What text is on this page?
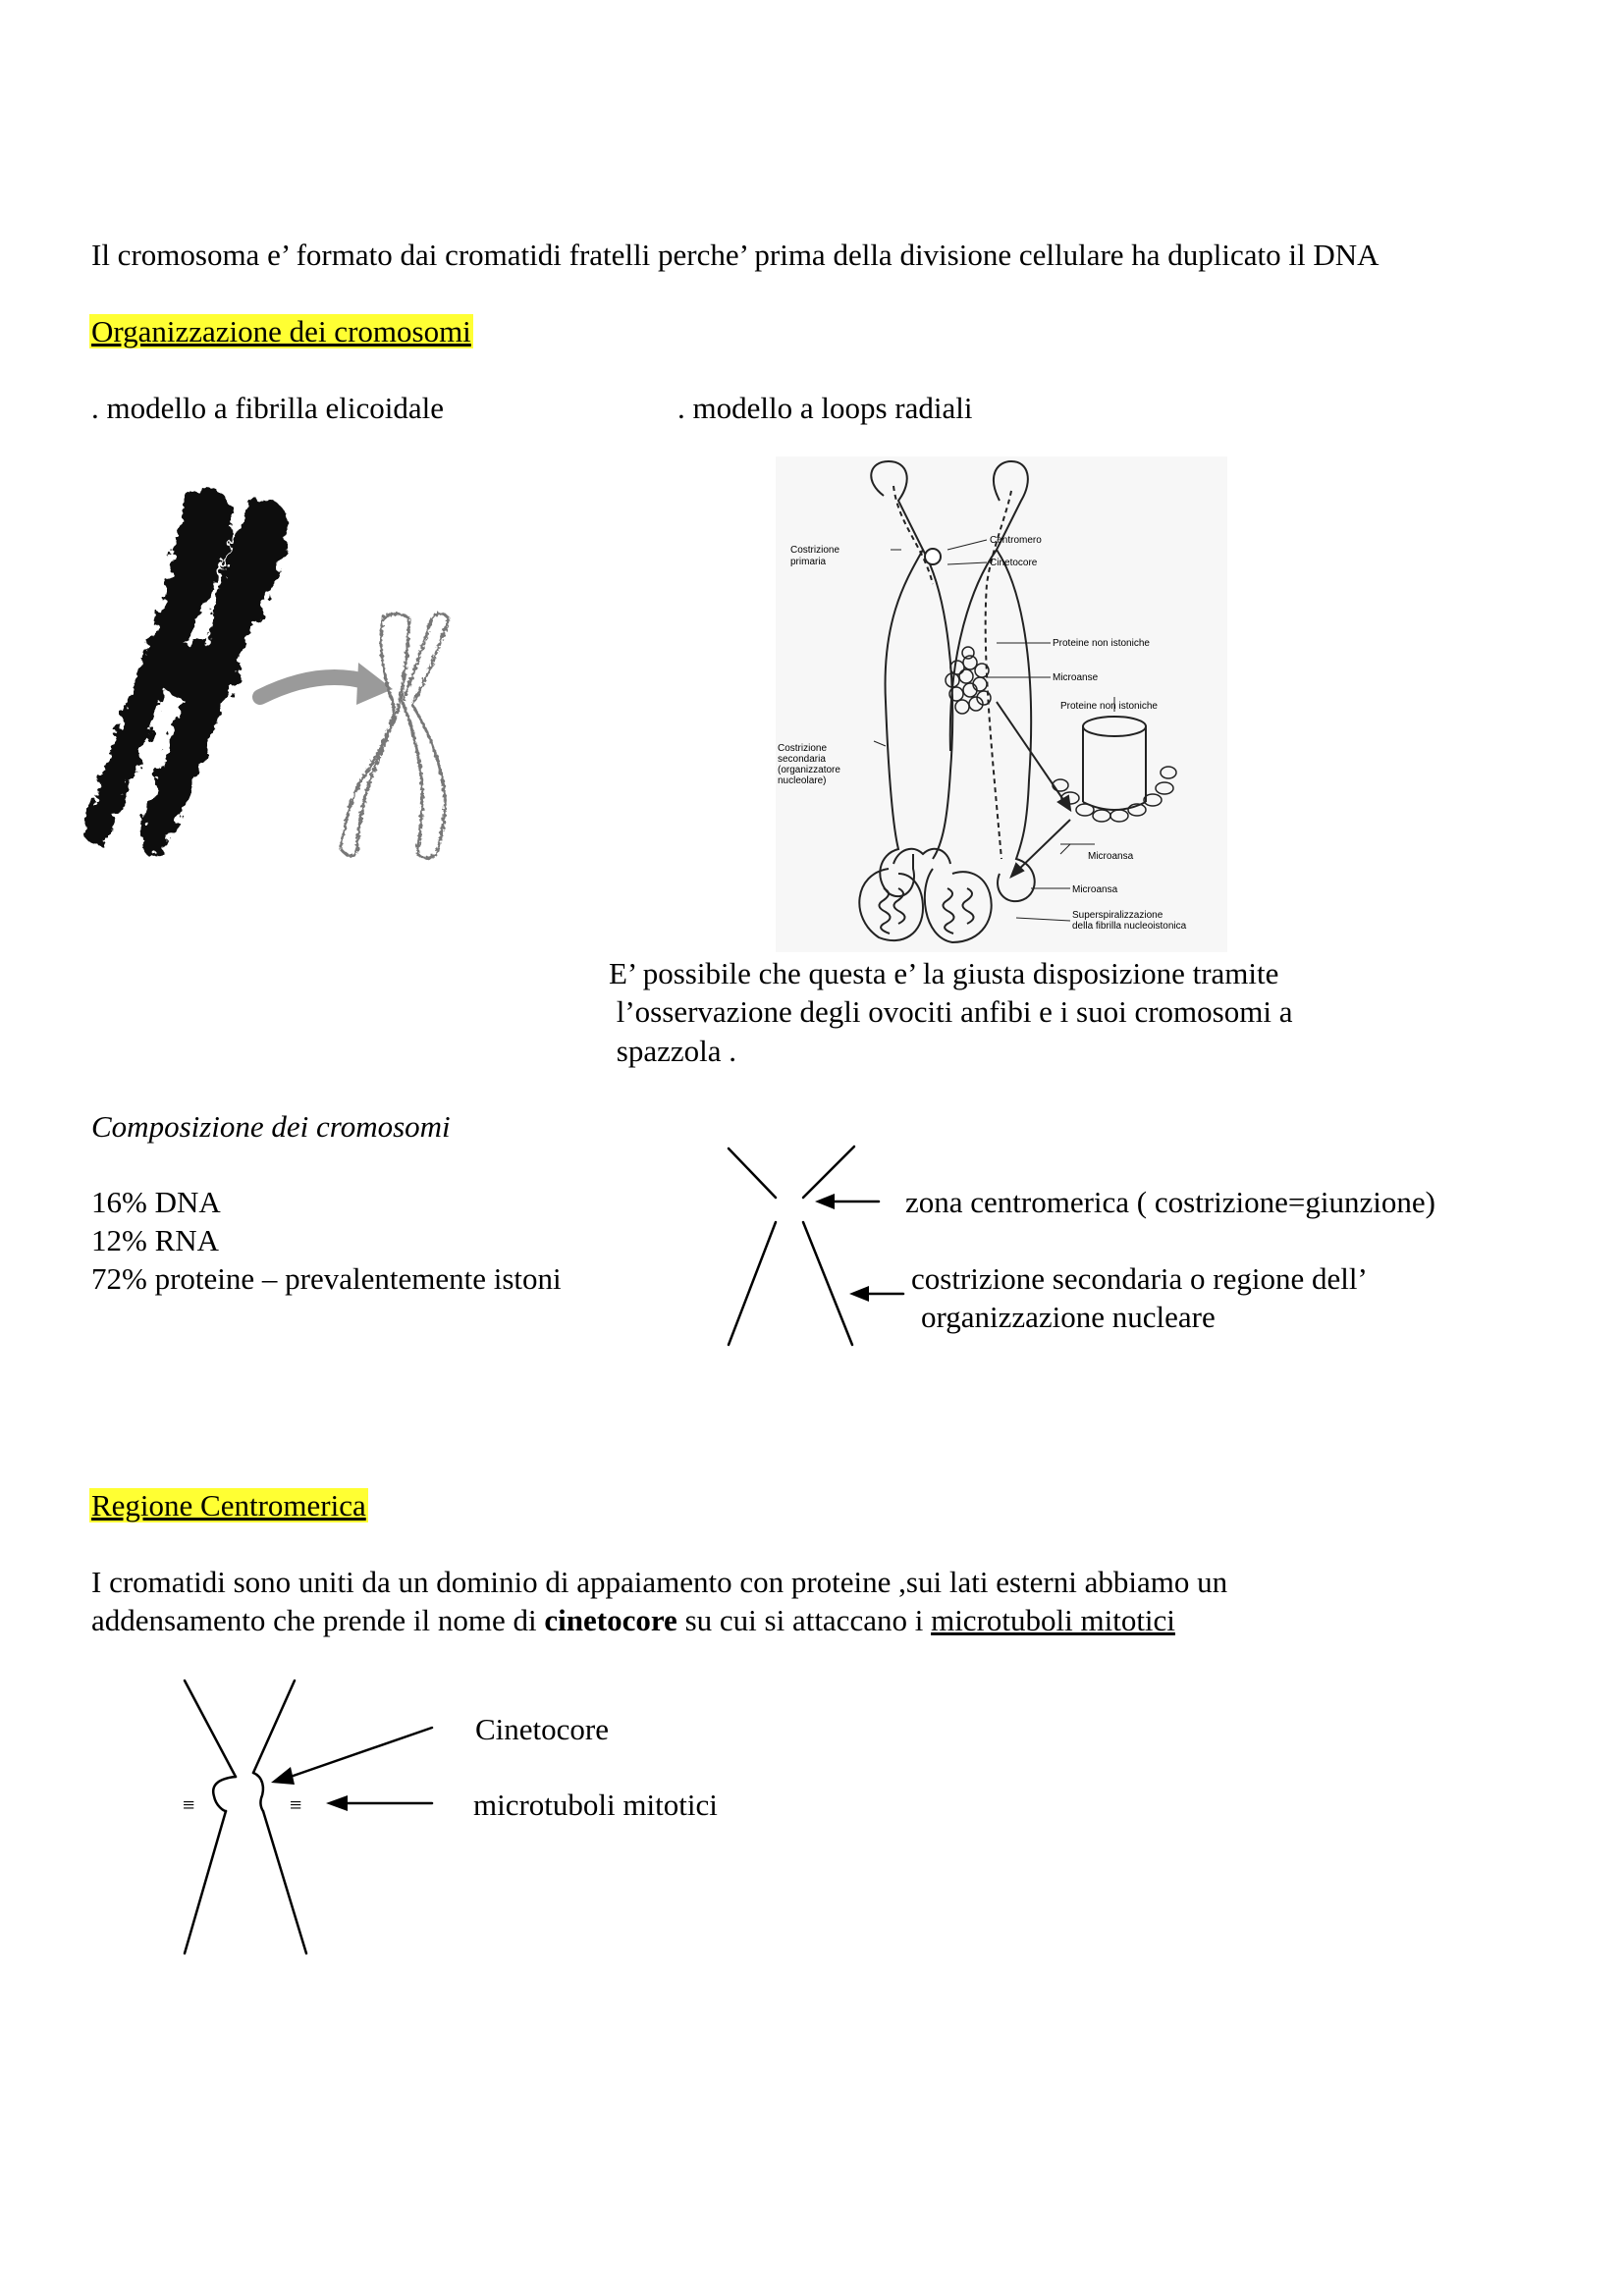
Il cromosoma e’ formato dai cromatidi fratelli perche’ prima della divisione cellulare ha duplicato il DNA
Organizzazione dei cromosomi
. modello a fibrilla elicoidale	. modello a loops radiali
Centromero
Cinetocore
Costrizione
primaria
Proteine non istoniche
Microanse
Proteine non istoniche
Costrizione
secondaria
(organizzatore
nucleolare)
Microansa
Microansa
Superspiralizzazione
della fibrilla nucleoistonica
E’ possibile che questa e’ la giusta disposizione tramite
l’osservazione degli ovociti anfibi e i suoi cromosomi a
spazzola .
Composizione dei cromosomi
16% DNA
12% RNA
72% proteine – prevalentemente istoni
zona centromerica ( costrizione=giunzione)
costrizione secondaria o regione dell’
organizzazione nucleare
Regione Centromerica
I cromatidi sono uniti da un dominio di appaiamento con proteine ,sui lati esterni abbiamo un
addensamento che prende il nome di cinetocore su cui si attaccano i microtuboli mitotici
≡	≡
Cinetocore
microtuboli mitotici
